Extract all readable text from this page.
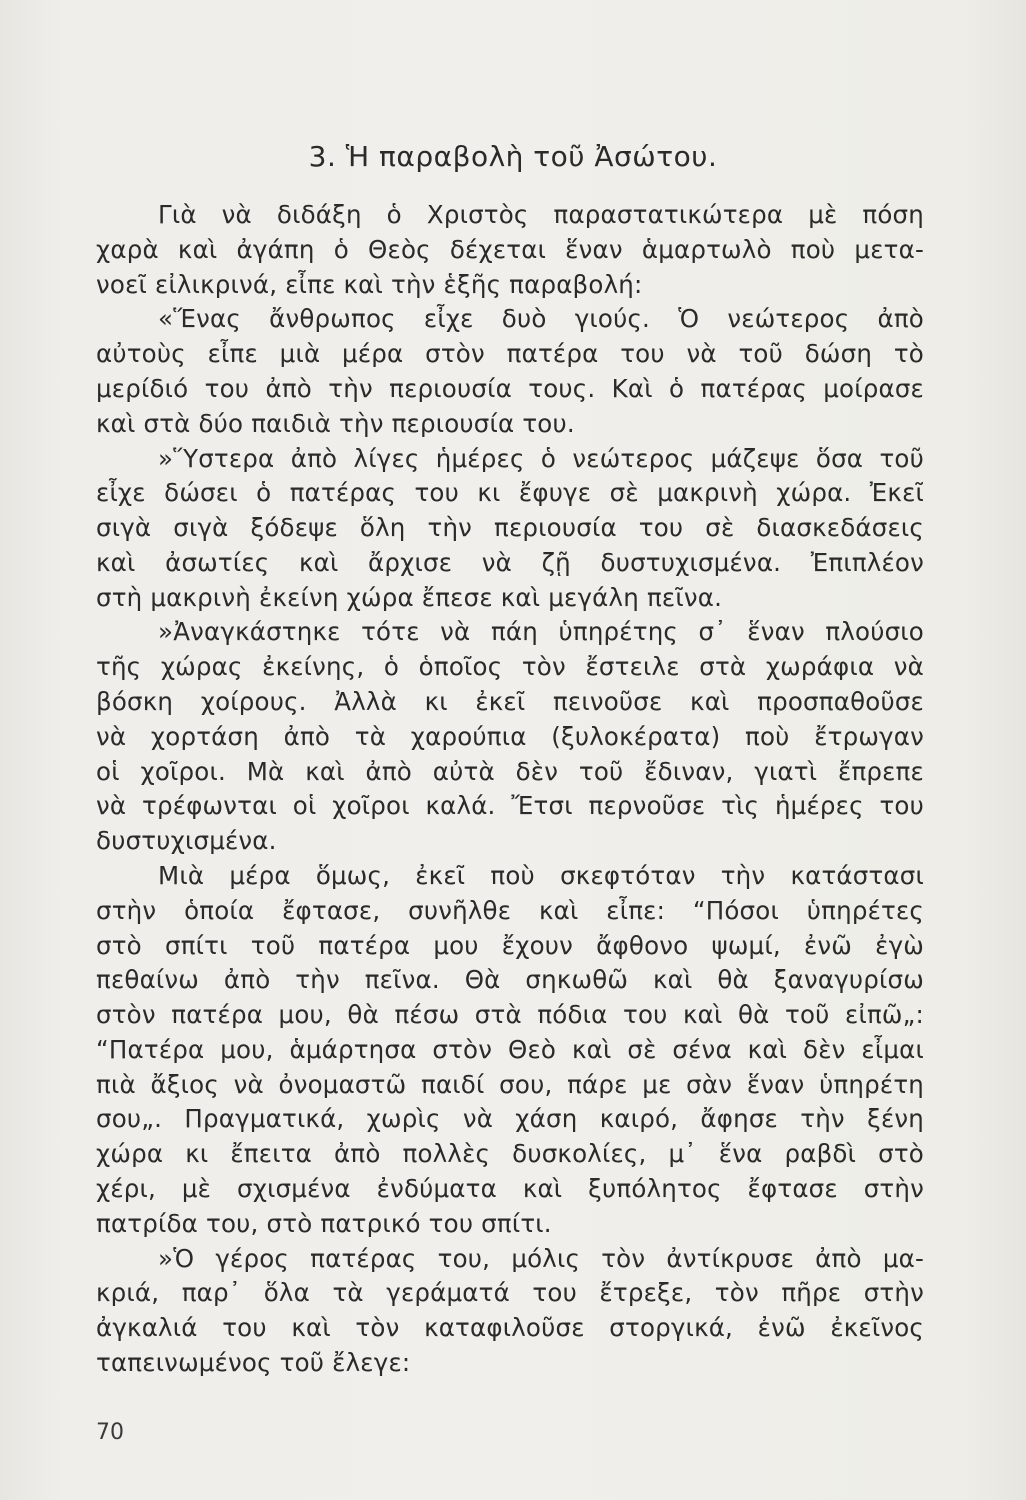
3. Ἡ παραβολὴ τοῦ Ἀσώτου.
Γιὰ νὰ διδάξη ὁ Χριστὸς παραστατικώτερα μὲ πόση
χαρὰ καὶ ἀγάπη ὁ Θεὸς δέχεται ἕναν ἁμαρτωλὸ ποὺ μετα-
νοεῖ εἰλικρινά, εἶπε καὶ τὴν ἑξῆς παραβολή:
«Ἕνας ἄνθρωπος εἶχε δυὸ γιούς. Ὁ νεώτερος ἀπὸ
αὐτοὺς εἶπε μιὰ μέρα στὸν πατέρα του νὰ τοῦ δώση τὸ
μερίδιό του ἀπὸ τὴν περιουσία τους. Καὶ ὁ πατέρας μοίρασε
καὶ στὰ δύο παιδιὰ τὴν περιουσία του.
»Ὕστερα ἀπὸ λίγες ἡμέρες ὁ νεώτερος μάζεψε ὅσα τοῦ
εἶχε δώσει ὁ πατέρας του κι ἔφυγε σὲ μακρινὴ χώρα. Ἐκεῖ
σιγὰ σιγὰ ξόδεψε ὅλη τὴν περιουσία του σὲ διασκεδάσεις
καὶ ἀσωτίες καὶ ἄρχισε νὰ ζῇ δυστυχισμένα. Ἐπιπλέον
στὴ μακρινὴ ἐκείνη χώρα ἔπεσε καὶ μεγάλη πεῖνα.
»Ἀναγκάστηκε τότε νὰ πάη ὑπηρέτης σ᾽ ἕναν πλούσιο
τῆς χώρας ἐκείνης, ὁ ὁποῖος τὸν ἔστειλε στὰ χωράφια νὰ
βόσκη χοίρους. Ἀλλὰ κι ἐκεῖ πεινοῦσε καὶ προσπαθοῦσε
νὰ χορτάση ἀπὸ τὰ χαρούπια (ξυλοκέρατα) ποὺ ἔτρωγαν
οἱ χοῖροι. Μὰ καὶ ἀπὸ αὐτὰ δὲν τοῦ ἔδιναν, γιατὶ ἔπρεπε
νὰ τρέφωνται οἱ χοῖροι καλά. Ἔτσι περνοῦσε τὶς ἡμέρες του
δυστυχισμένα.
Μιὰ μέρα ὅμως, ἐκεῖ ποὺ σκεφτόταν τὴν κατάστασι
στὴν ὁποία ἔφτασε, συνῆλθε καὶ εἶπε: “Πόσοι ὑπηρέτες
στὸ σπίτι τοῦ πατέρα μου ἔχουν ἄφθονο ψωμί, ἐνῶ ἐγὼ
πεθαίνω ἀπὸ τὴν πεῖνα. Θὰ σηκωθῶ καὶ θὰ ξαναγυρίσω
στὸν πατέρα μου, θὰ πέσω στὰ πόδια του καὶ θὰ τοῦ εἰπῶ„:
“Πατέρα μου, ἁμάρτησα στὸν Θεὸ καὶ σὲ σένα καὶ δὲν εἶμαι
πιὰ ἄξιος νὰ ὀνομαστῶ παιδί σου, πάρε με σὰν ἕναν ὑπηρέτη
σου„. Πραγματικά, χωρὶς νὰ χάση καιρό, ἄφησε τὴν ξένη
χώρα κι ἔπειτα ἀπὸ πολλὲς δυσκολίες, μ᾽ ἕνα ραβδὶ στὸ
χέρι, μὲ σχισμένα ἐνδύματα καὶ ξυπόλητος ἔφτασε στὴν
πατρίδα του, στὸ πατρικό του σπίτι.
»Ὁ γέρος πατέρας του, μόλις τὸν ἀντίκρυσε ἀπὸ μα-
κριά, παρ᾽ ὅλα τὰ γεράματά του ἔτρεξε, τὸν πῆρε στὴν
ἀγκαλιά του καὶ τὸν καταφιλοῦσε στοργικά, ἐνῶ ἐκεῖνος
ταπεινωμένος τοῦ ἔλεγε:
70
